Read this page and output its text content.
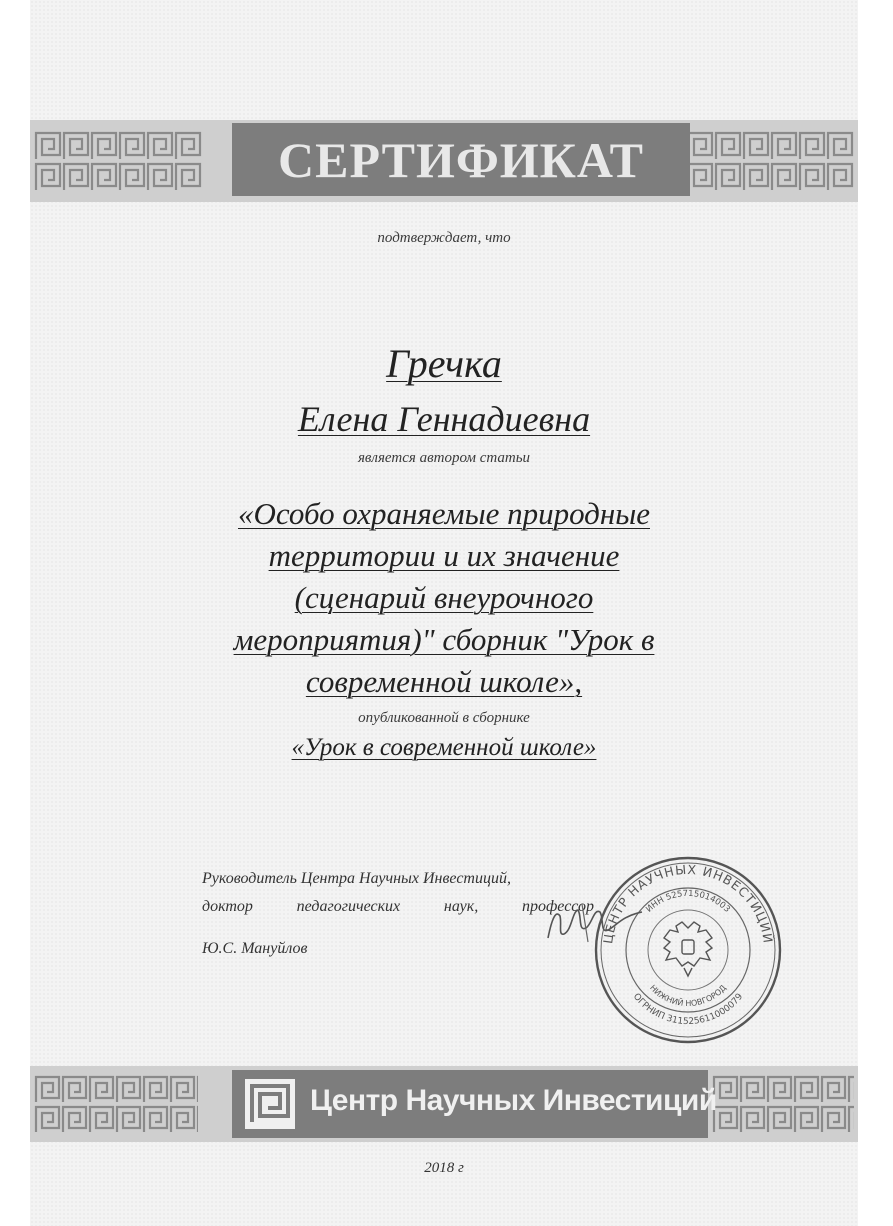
СЕРТИФИКАТ
подтверждает, что
Гречка
Елена Геннадиевна
является автором статьи
«Особо охраняемые природные
территории и их значение
(сценарий внеурочного
мероприятия)" сборник "Урок в
современной школе»,
опубликованной в сборнике
«Урок в современной школе»
Руководитель Центра Научных Инвестиций,
доктор	педагогических	наук,	профессор
Ю.С. Мануйлов
ЦЕНТР НАУЧНЫХ ИНВЕСТИЦИЙ
ОГРНИП 311525611000079
ИНН 525715014003
НИЖНИЙ НОВГОРОД
Центр Научных Инвестиций
2018 г
